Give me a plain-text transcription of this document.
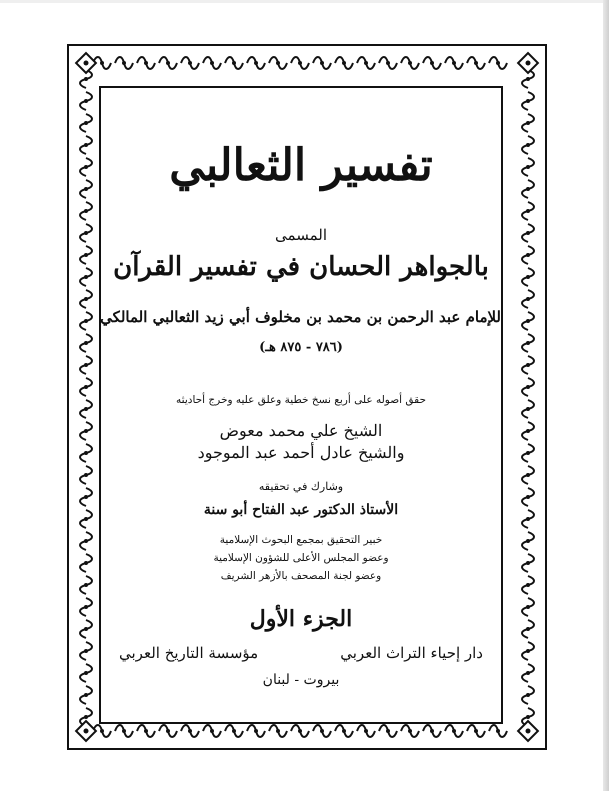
تفسير الثعالبي
المسمى
بالجواهر الحسان في تفسير القرآن
للإمام عبد الرحمن بن محمد بن مخلوف أبي زيد الثعالبي المالكي
(٧٨٦ - ٨٧٥ هـ)
حقق أصوله على أربع نسخ خطية وعلق عليه وخرج أحاديثه
الشيخ علي محمد معوض
والشيخ عادل أحمد عبد الموجود
وشارك في تحقيقه
الأستاذ الدكتور عبد الفتاح أبو سنة
خبير التحقيق بمجمع البحوث الإسلامية
وعضو المجلس الأعلى للشؤون الإسلامية
وعضو لجنة المصحف بالأزهر الشريف
الجزء الأول
دار إحياء التراث العربي
مؤسسة التاريخ العربي
بيروت - لبنان
